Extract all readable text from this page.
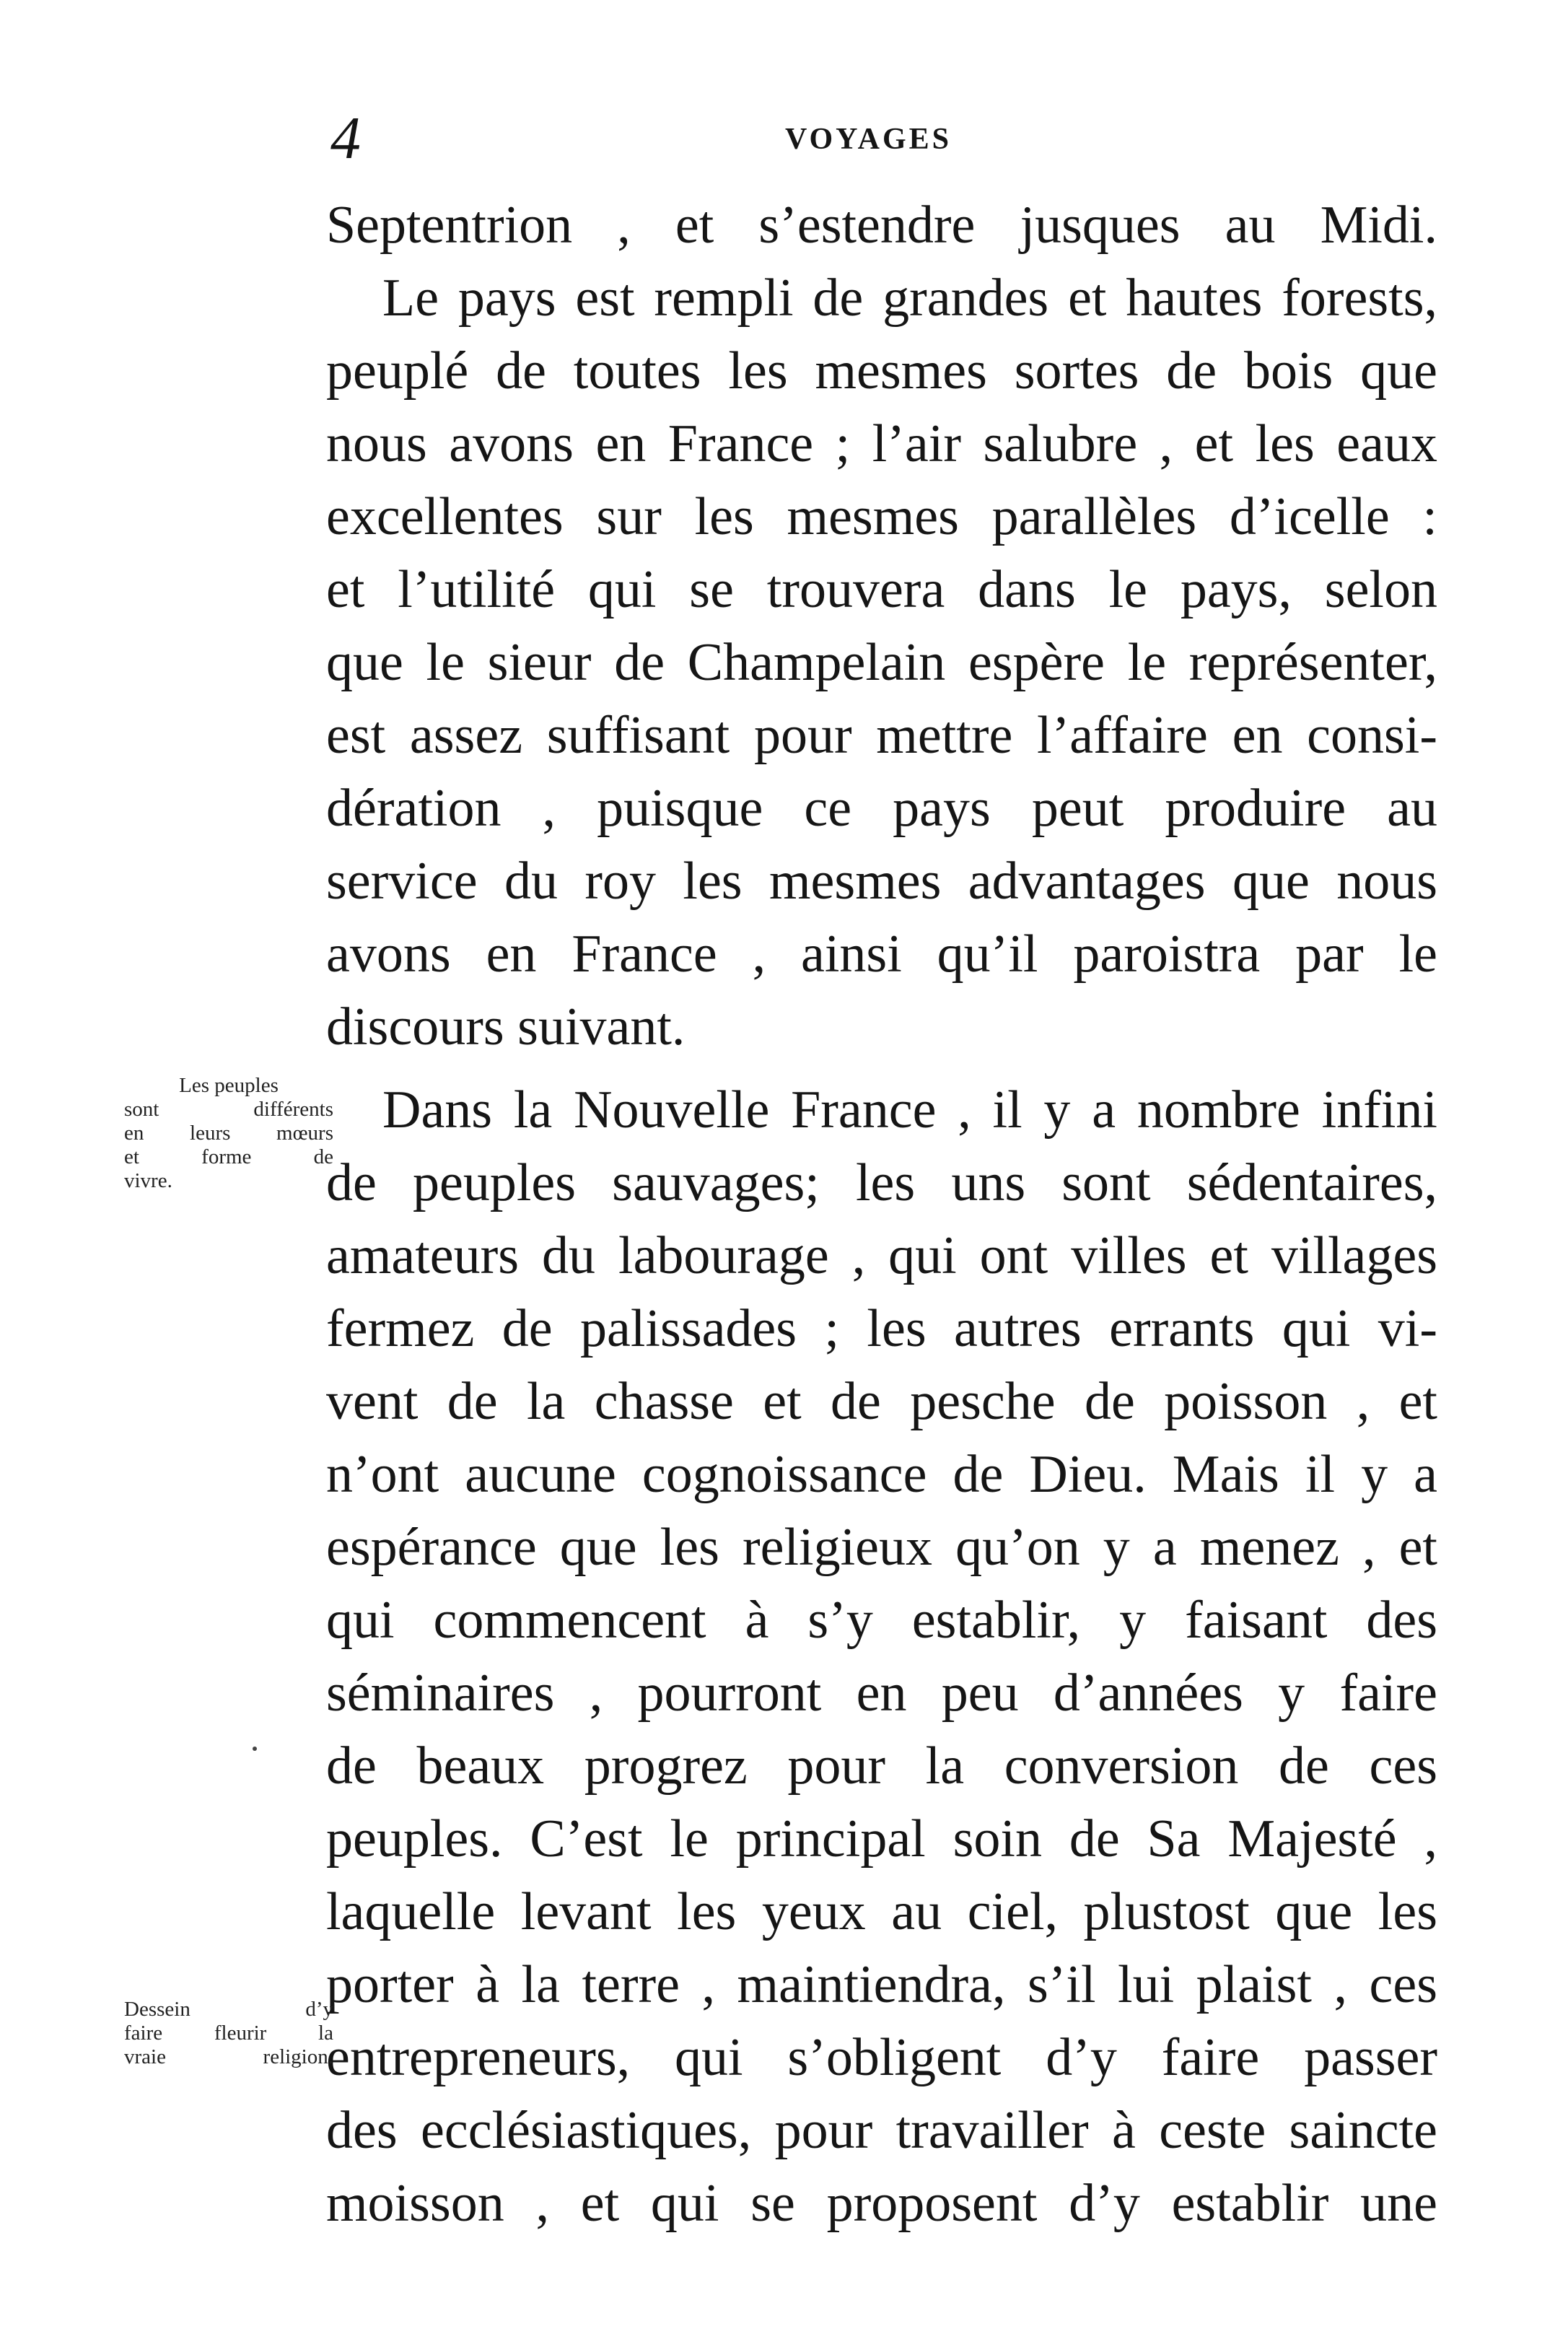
4	VOYAGES
Septentrion , et s’estendre jusques au Midi.
Le pays est rempli de grandes et hautes forests,
peuplé de toutes les mesmes sortes de bois que
nous avons en France ; l’air salubre , et les eaux
excellentes sur les mesmes parallèles d’icelle :
et l’utilité qui se trouvera dans le pays, selon
que le sieur de Champelain espère le représenter,
est assez suffisant pour mettre l’affaire en consi-
dération , puisque ce pays peut produire au
service du roy les mesmes advantages que nous
avons en France , ainsi qu’il paroistra par le
discours suivant.
Dans la Nouvelle France , il y a nombre infini
de peuples sauvages; les uns sont sédentaires,
amateurs du labourage , qui ont villes et villages
fermez de palissades ; les autres errants qui vi-
vent de la chasse et de pesche de poisson , et
n’ont aucune cognoissance de Dieu. Mais il y a
espérance que les religieux qu’on y a menez , et
qui commencent à s’y establir, y faisant des
séminaires , pourront en peu d’années y faire
de beaux progrez pour la conversion de ces
peuples. C’est le principal soin de Sa Majesté ,
laquelle levant les yeux au ciel, plustost que les
porter à la terre , maintiendra, s’il lui plaist , ces
entrepreneurs, qui s’obligent d’y faire passer
des ecclésiastiques, pour travailler à ceste saincte
moisson , et qui se proposent d’y establir une
Les peuples
sont différents
en leurs mœurs
et forme de
vivre.
Dessein d’y
faire fleurir la
vraie religion.
